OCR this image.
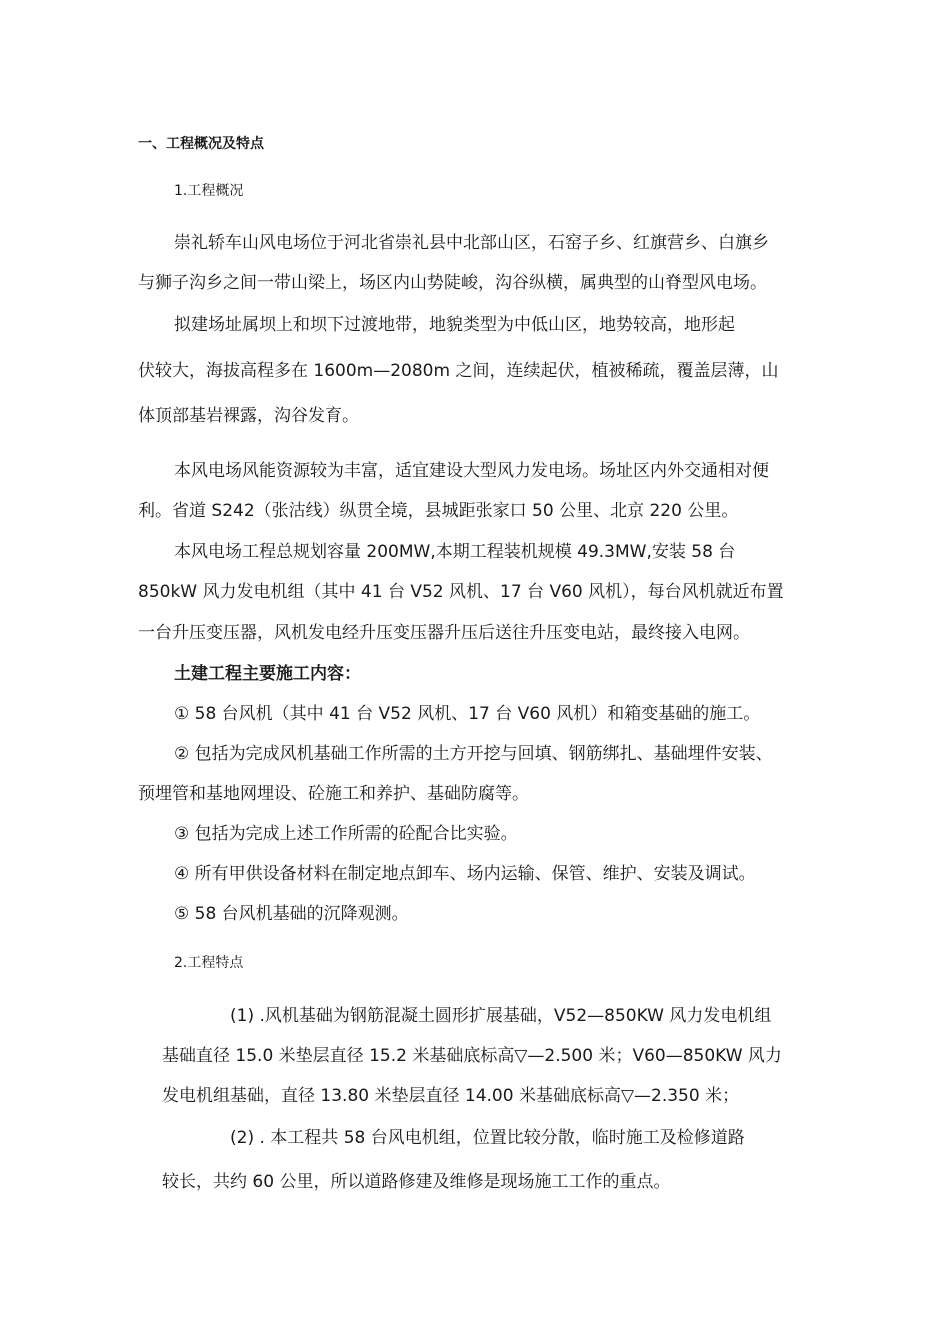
一、工程概况及特点
1.工程概况

崇礼轿车山风电场位于河北省崇礼县中北部山区，石窑子乡、红旗营乡、白旗乡

与狮子沟乡之间一带山梁上，场区内山势陡峻，沟谷纵横，属典型的山脊型风电场。

拟建场址属坝上和坝下过渡地带，地貌类型为中低山区，地势较高，地形起

伏较大，海拔高程多在 1600m—2080m 之间，连续起伏，植被稀疏，覆盖层薄，山

体顶部基岩裸露，沟谷发育。

本风电场风能资源较为丰富，适宜建设大型风力发电场。场址区内外交通相对便

利。省道 S242（张沽线）纵贯全境，县城距张家口 50 公里、北京 220 公里。

本风电场工程总规划容量 200MW,本期工程装机规模 49.3MW,安装 58 台

850kW 风力发电机组（其中 41 台 V52 风机、17 台 V60 风机），每台风机就近布置

一台升压变压器，风机发电经升压变压器升压后送往升压变电站，最终接入电网。

土建工程主要施工内容：

① 58 台风机（其中 41 台 V52 风机、17 台 V60 风机）和箱变基础的施工。

② 包括为完成风机基础工作所需的土方开挖与回填、钢筋绑扎、基础埋件安装、

预埋管和基地网埋设、砼施工和养护、基础防腐等。

③ 包括为完成上述工作所需的砼配合比实验。

④ 所有甲供设备材料在制定地点卸车、场内运输、保管、维护、安装及调试。

⑤ 58 台风机基础的沉降观测。

2.工程特点

(1) .风机基础为钢筋混凝土圆形扩展基础，V52—850KW 风力发电机组

基础直径 15.0 米垫层直径 15.2 米基础底标高▽—2.500 米；V60—850KW 风力

发电机组基础，直径 13.80 米垫层直径 14.00 米基础底标高▽—2.350 米；

(2) . 本工程共 58 台风电机组，位置比较分散，临时施工及检修道路

较长，共约 60 公里，所以道路修建及维修是现场施工工作的重点。
